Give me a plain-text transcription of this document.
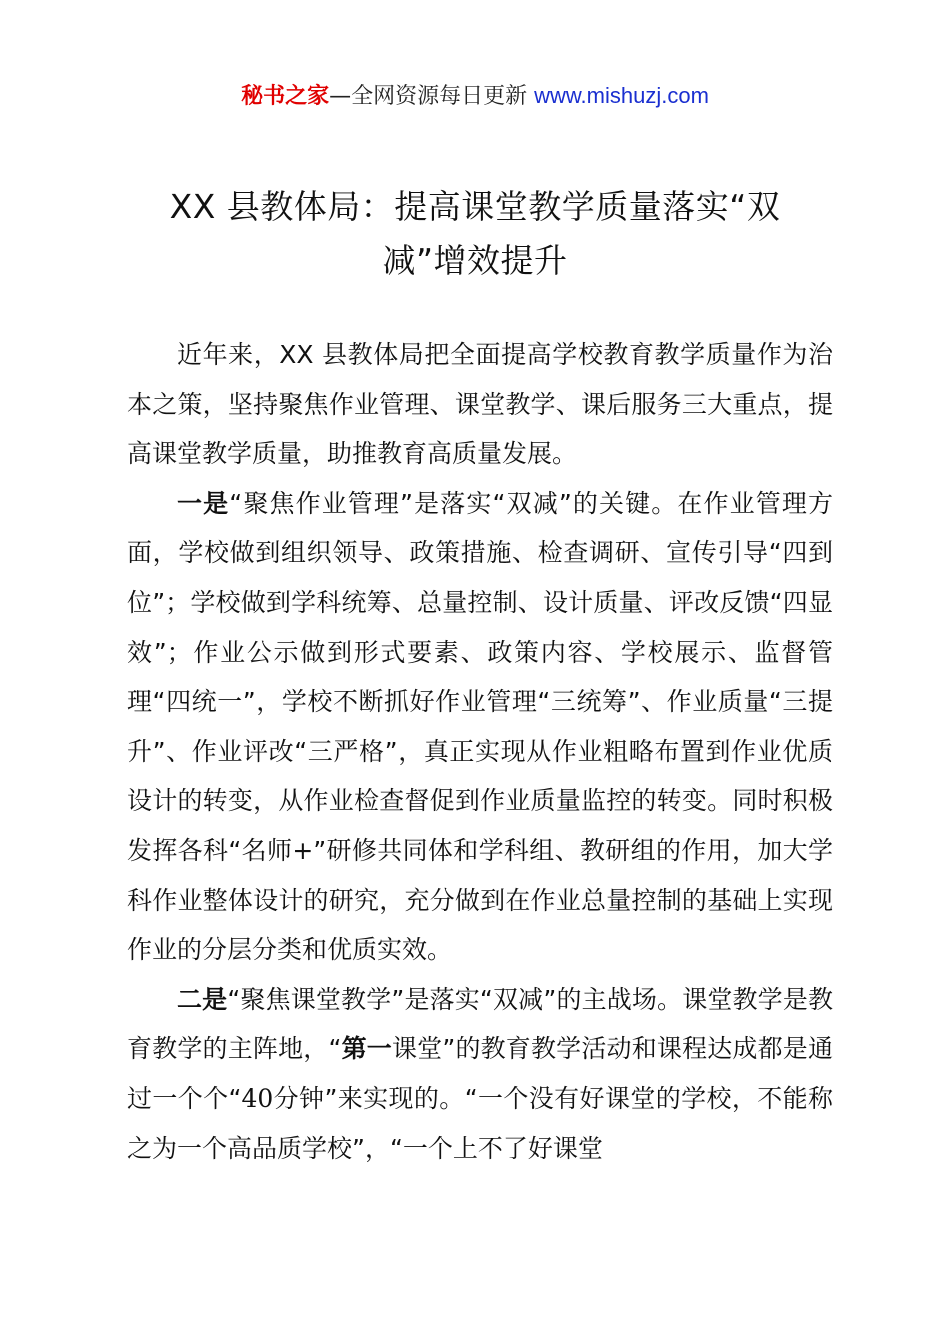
秘书之家—全网资源每日更新 www.mishuzj.com
XX 县教体局：提高课堂教学质量落实“双减”增效提升

近年来，XX 县教体局把全面提高学校教育教学质量作为治本之策，坚持聚焦作业管理、课堂教学、课后服务三大重点，提高课堂教学质量，助推教育高质量发展。

一是“聚焦作业管理”是落实“双减”的关键。在作业管理方面，学校做到组织领导、政策措施、检查调研、宣传引导“四到位”；学校做到学科统筹、总量控制、设计质量、评改反馈“四显效”；作业公示做到形式要素、政策内容、学校展示、监督管理“四统一”，学校不断抓好作业管理“三统筹”、作业质量“三提升”、作业评改“三严格”，真正实现从作业粗略布置到作业优质设计的转变，从作业检查督促到作业质量监控的转变。同时积极发挥各科“名师+”研修共同体和学科组、教研组的作用，加大学科作业整体设计的研究，充分做到在作业总量控制的基础上实现作业的分层分类和优质实效。

二是“聚焦课堂教学”是落实“双减”的主战场。课堂教学是教育教学的主阵地，“第一课堂”的教育教学活动和课程达成都是通过一个个“40分钟”来实现的。“一个没有好课堂的学校，不能称之为一个高品质学校”，“一个上不了好课堂
